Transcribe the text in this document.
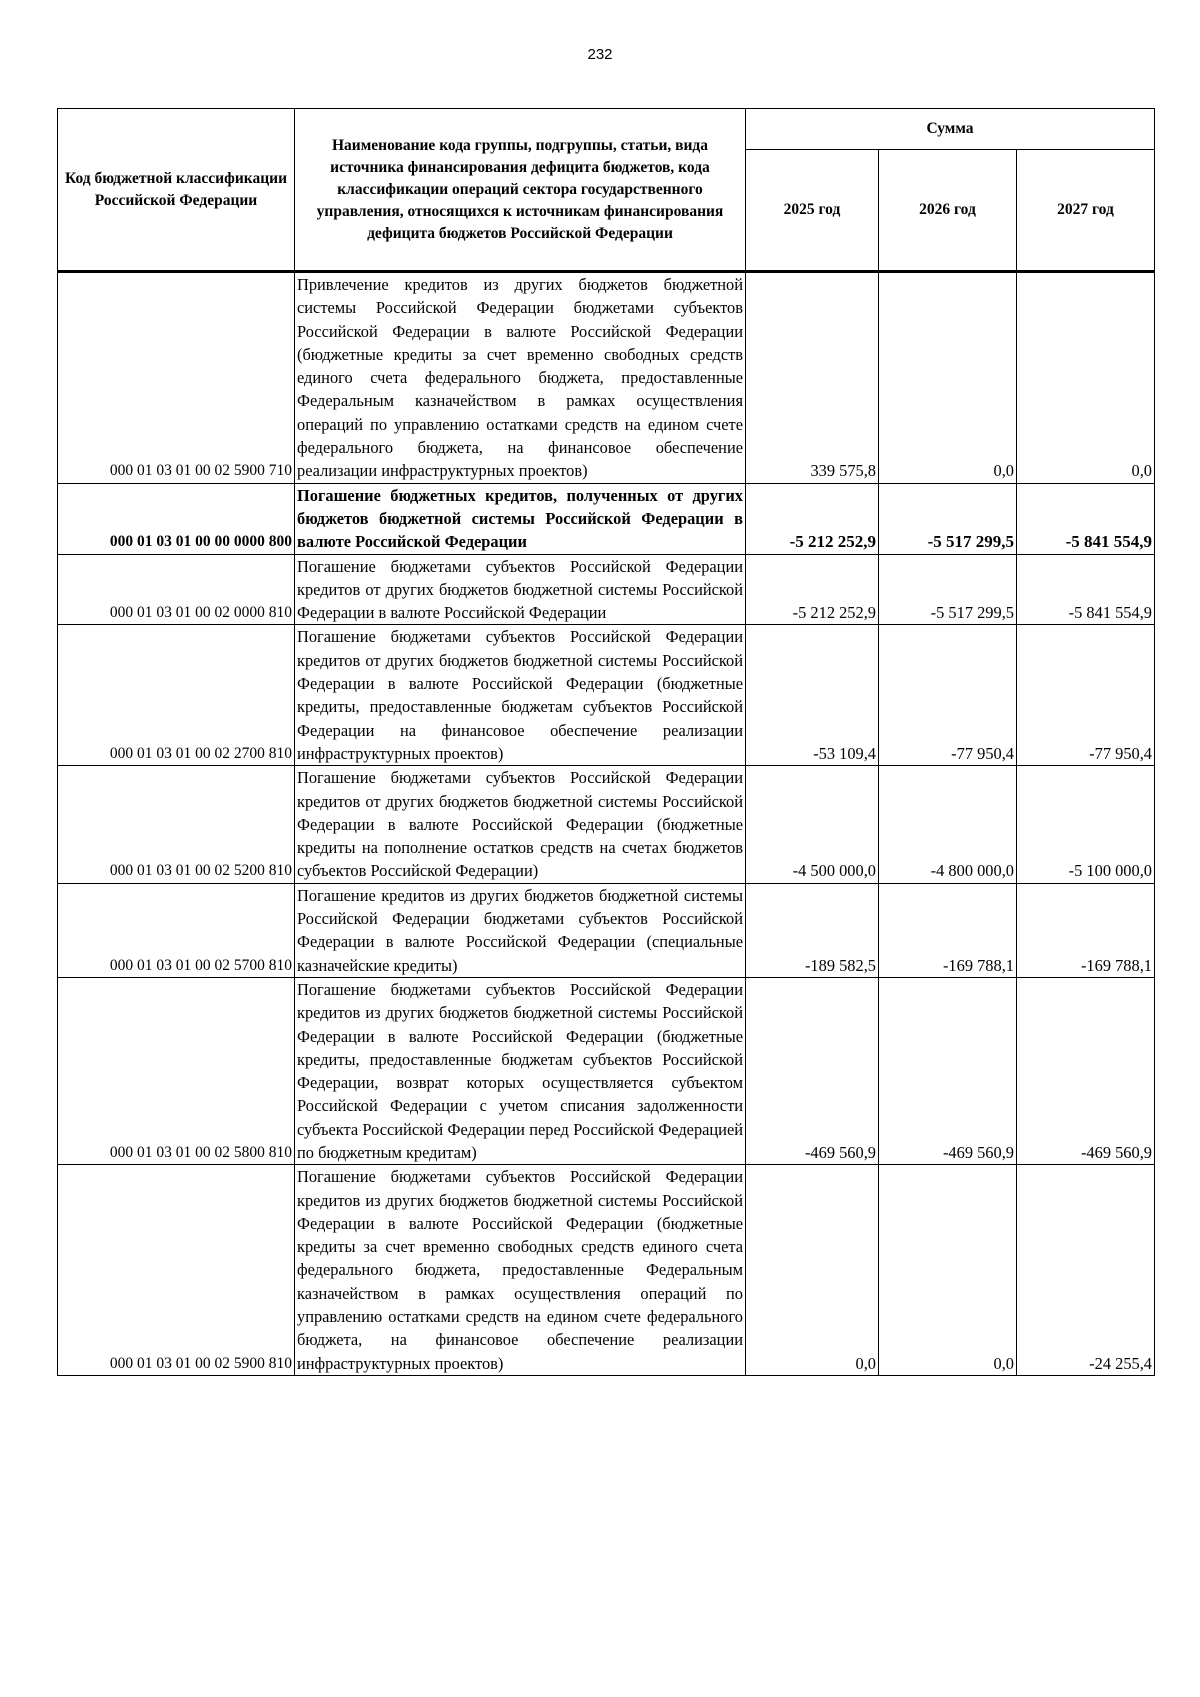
232
Код бюджетной классификации Российской Федерации	Наименование кода группы, подгруппы, статьи, вида источника финансирования дефицита бюджетов, кода классификации операций сектора государственного управления, относящихся к источникам финансирования дефицита бюджетов Российской Федерации	Сумма		
		2025 год	2026 год	2027 год
000 01 03 01 00 02 5900 710	Привлечение кредитов из других бюджетов бюджетной системы Российской Федерации бюджетами субъектов Российской Федерации в валюте Российской Федерации (бюджетные кредиты за счет временно свободных средств единого счета федерального бюджета, предоставленные Федеральным казначейством в рамках осуществления операций по управлению остатками средств на едином счете федерального бюджета, на финансовое обеспечение реализации инфраструктурных проектов)	339 575,8	0,0	0,0
000 01 03 01 00 00 0000 800	Погашение бюджетных кредитов, полученных от других бюджетов бюджетной системы Российской Федерации в валюте Российской Федерации	-5 212 252,9	-5 517 299,5	-5 841 554,9
000 01 03 01 00 02 0000 810	Погашение бюджетами субъектов Российской Федерации кредитов от других бюджетов бюджетной системы Российской Федерации в валюте Российской Федерации	-5 212 252,9	-5 517 299,5	-5 841 554,9
000 01 03 01 00 02 2700 810	Погашение бюджетами субъектов Российской Федерации кредитов от других бюджетов бюджетной системы Российской Федерации в валюте Российской Федерации (бюджетные кредиты, предоставленные бюджетам субъектов Российской Федерации на финансовое обеспечение реализации инфраструктурных проектов)	-53 109,4	-77 950,4	-77 950,4
000 01 03 01 00 02 5200 810	Погашение бюджетами субъектов Российской Федерации кредитов от других бюджетов бюджетной системы Российской Федерации в валюте Российской Федерации (бюджетные кредиты на пополнение остатков средств на счетах бюджетов субъектов Российской Федерации)	-4 500 000,0	-4 800 000,0	-5 100 000,0
000 01 03 01 00 02 5700 810	Погашение кредитов из других бюджетов бюджетной системы Российской Федерации бюджетами субъектов Российской Федерации в валюте Российской Федерации (специальные казначейские кредиты)	-189 582,5	-169 788,1	-169 788,1
000 01 03 01 00 02 5800 810	Погашение бюджетами субъектов Российской Федерации кредитов из других бюджетов бюджетной системы Российской Федерации в валюте Российской Федерации (бюджетные кредиты, предоставленные бюджетам субъектов Российской Федерации, возврат которых осуществляется субъектом Российской Федерации с учетом списания задолженности субъекта Российской Федерации перед Российской Федерацией по бюджетным кредитам)	-469 560,9	-469 560,9	-469 560,9
000 01 03 01 00 02 5900 810	Погашение бюджетами субъектов Российской Федерации кредитов из других бюджетов бюджетной системы Российской Федерации в валюте Российской Федерации (бюджетные кредиты за счет временно свободных средств единого счета федерального бюджета, предоставленные Федеральным казначейством в рамках осуществления операций по управлению остатками средств на едином счете федерального бюджета, на финансовое обеспечение реализации инфраструктурных проектов)	0,0	0,0	-24 255,4
